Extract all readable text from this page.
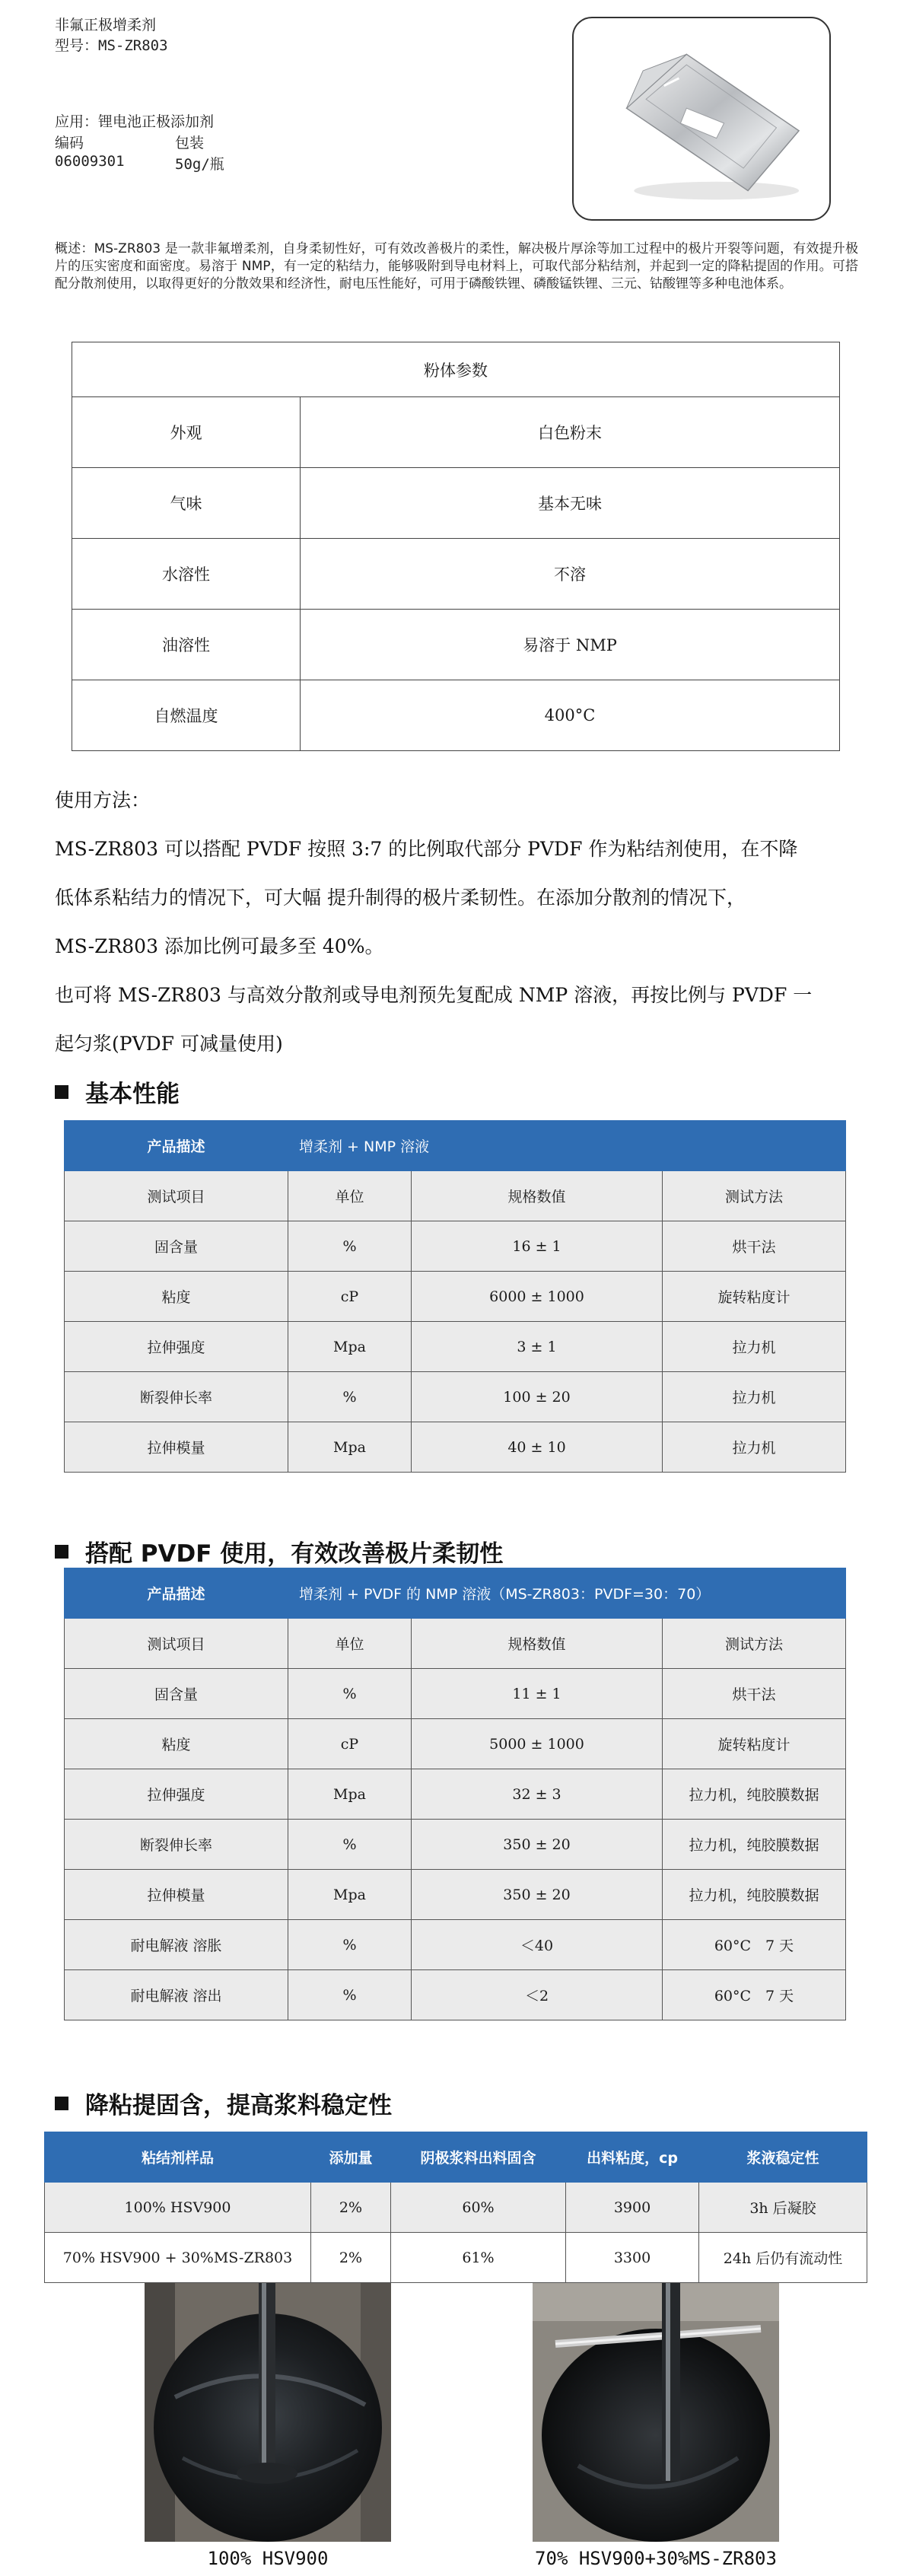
非氟正极增柔剂
型号：MS-ZR803
应用：锂电池正极添加剂
编码	包装
06009301	50g/瓶
概述：MS-ZR803 是一款非氟增柔剂，自身柔韧性好，可有效改善极片的柔性，解决极片厚涂等加工过程中的极片开裂等问题，有效提升极片的压实密度和面密度。易溶于 NMP，有一定的粘结力，能够吸附到导电材料上，可取代部分粘结剂，并起到一定的降粘提固的作用。可搭配分散剂使用，以取得更好的分散效果和经济性，耐电压性能好，可用于磷酸铁锂、磷酸锰铁锂、三元、钴酸锂等多种电池体系。
粉体参数	
外观	白色粉末
气味	基本无味
水溶性	不溶
油溶性	易溶于 NMP
自燃温度	400°C

使用方法：

MS-ZR803 可以搭配 PVDF 按照 3:7 的比例取代部分 PVDF 作为粘结剂使用，在不降

低体系粘结力的情况下，可大幅 提升制得的极片柔韧性。在添加分散剂的情况下，

MS-ZR803 添加比例可最多至 40%。

也可将 MS-ZR803 与高效分散剂或导电剂预先复配成 NMP 溶液，再按比例与 PVDF 一

起匀浆(PVDF 可减量使用)

基本性能
产品描述	增柔剂 + NMP 溶液		
测试项目	单位	规格数值	测试方法
固含量	%	16 ± 1	烘干法
粘度	cP	6000 ± 1000	旋转粘度计
拉伸强度	Mpa	3 ± 1	拉力机
断裂伸长率	%	100 ± 20	拉力机
拉伸模量	Mpa	40 ± 10	拉力机
搭配 PVDF 使用，有效改善极片柔韧性
产品描述	增柔剂 + PVDF 的 NMP 溶液（MS-ZR803：PVDF=30：70）		
测试项目	单位	规格数值	测试方法
固含量	%	11 ± 1	烘干法
粘度	cP	5000 ± 1000	旋转粘度计
拉伸强度	Mpa	32 ± 3	拉力机，纯胶膜数据
断裂伸长率	%	350 ± 20	拉力机，纯胶膜数据
拉伸模量	Mpa	350 ± 20	拉力机，纯胶膜数据
耐电解液 溶胀	%	＜40	60°C　7 天
耐电解液 溶出	%	＜2	60°C　7 天
降粘提固含，提高浆料稳定性
粘结剂样品	添加量	阴极浆料出料固含	出料粘度，cp	浆液稳定性
100% HSV900	2%	60%	3900	3h 后凝胶
70% HSV900 + 30%MS-ZR803	2%	61%	3300	24h 后仍有流动性
100% HSV900	70% HSV900+30%MS-ZR803
